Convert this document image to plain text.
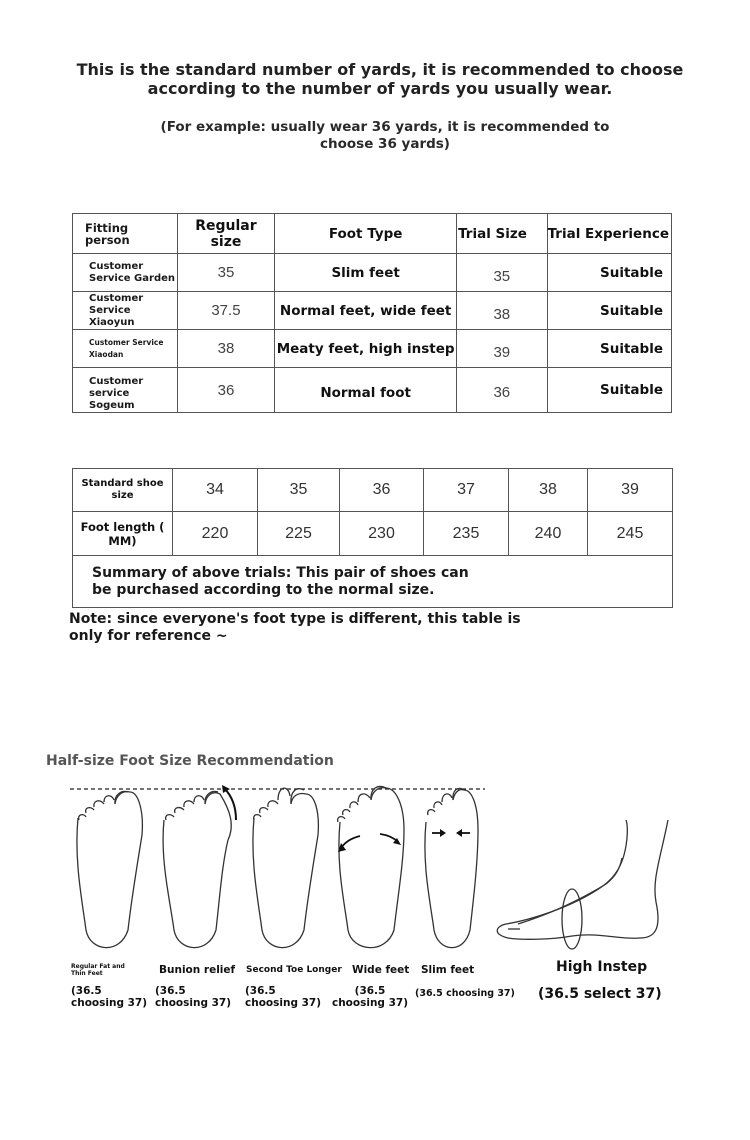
This is the standard number of yards, it is recommended to choose according to the number of yards you usually wear.
(For example: usually wear 36 yards, it is recommended to choose 36 yards)
Fitting person	Regular size	Foot Type	Trial Size	Trial Experience
Customer Service Garden	35	Slim feet	35	Suitable
Customer Service Xiaoyun	37.5	Normal feet, wide feet	38	Suitable
Customer Service Xiaodan	38	Meaty feet, high instep	39	Suitable
Customer service Sogeum	36	Normal foot	36	Suitable
Standard shoe size	34	35	36	37	38	39
Foot length ( MM)	220	225	230	235	240	245

Summary of above trials: This pair of shoes can be purchased according to the normal size.						
Note: since everyone's foot type is different, this table is only for reference ~
Half-size Foot Size Recommendation
Regular Fat and Thin Feet	Bunion relief Second Toe Longer Wide feet Slim feet	High Instep
(36.5 choosing 37)
(36.5 choosing 37)
(36.5 choosing 37)
(36.5 choosing 37)
(36.5 choosing 37) (36.5 select 37)
